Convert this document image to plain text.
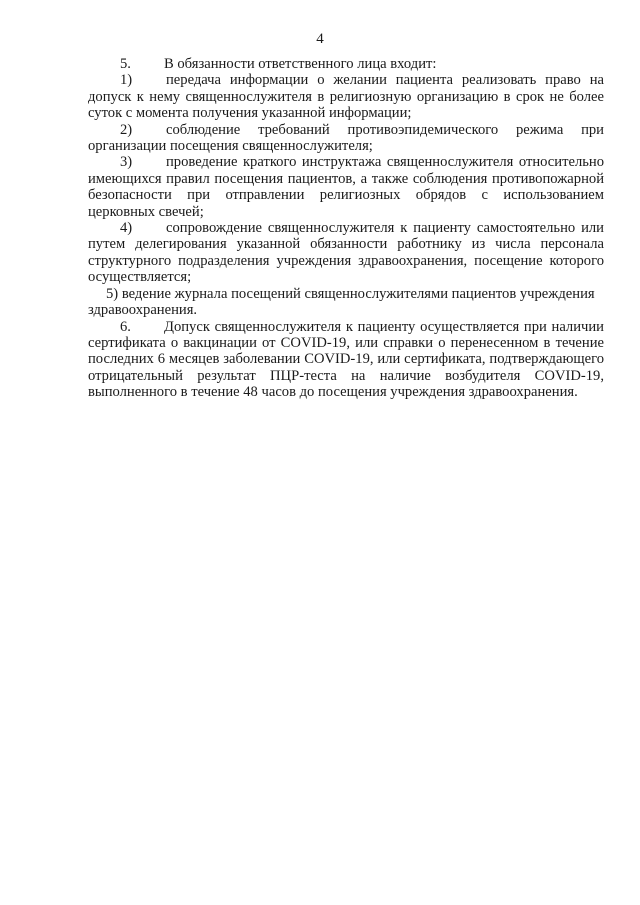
4

5. В обязанности ответственного лица входит:

1) передача информации о желании пациента реализовать право на допуск к нему священнослужителя в религиозную организацию в срок не более суток с момента получения указанной информации;

2) соблюдение требований противоэпидемического режима при организации посещения священнослужителя;

3) проведение краткого инструктажа священнослужителя относительно имеющихся правил посещения пациентов, а также соблюдения противопожарной безопасности при отправлении религиозных обрядов с использованием церковных свечей;

4) сопровождение священнослужителя к пациенту самостоятельно или путем делегирования указанной обязанности работнику из числа персонала структурного подразделения учреждения здравоохранения, посещение которого осуществляется;

5) ведение журнала посещений священнослужителями пациентов учреждения здравоохранения.

6. Допуск священнослужителя к пациенту осуществляется при наличии сертификата о вакцинации от COVID-19, или справки о перенесенном в течение последних 6 месяцев заболевании COVID-19, или сертификата, подтверждающего отрицательный результат ПЦР-теста на наличие возбудителя COVID-19, выполненного в течение 48 часов до посещения учреждения здравоохранения.
